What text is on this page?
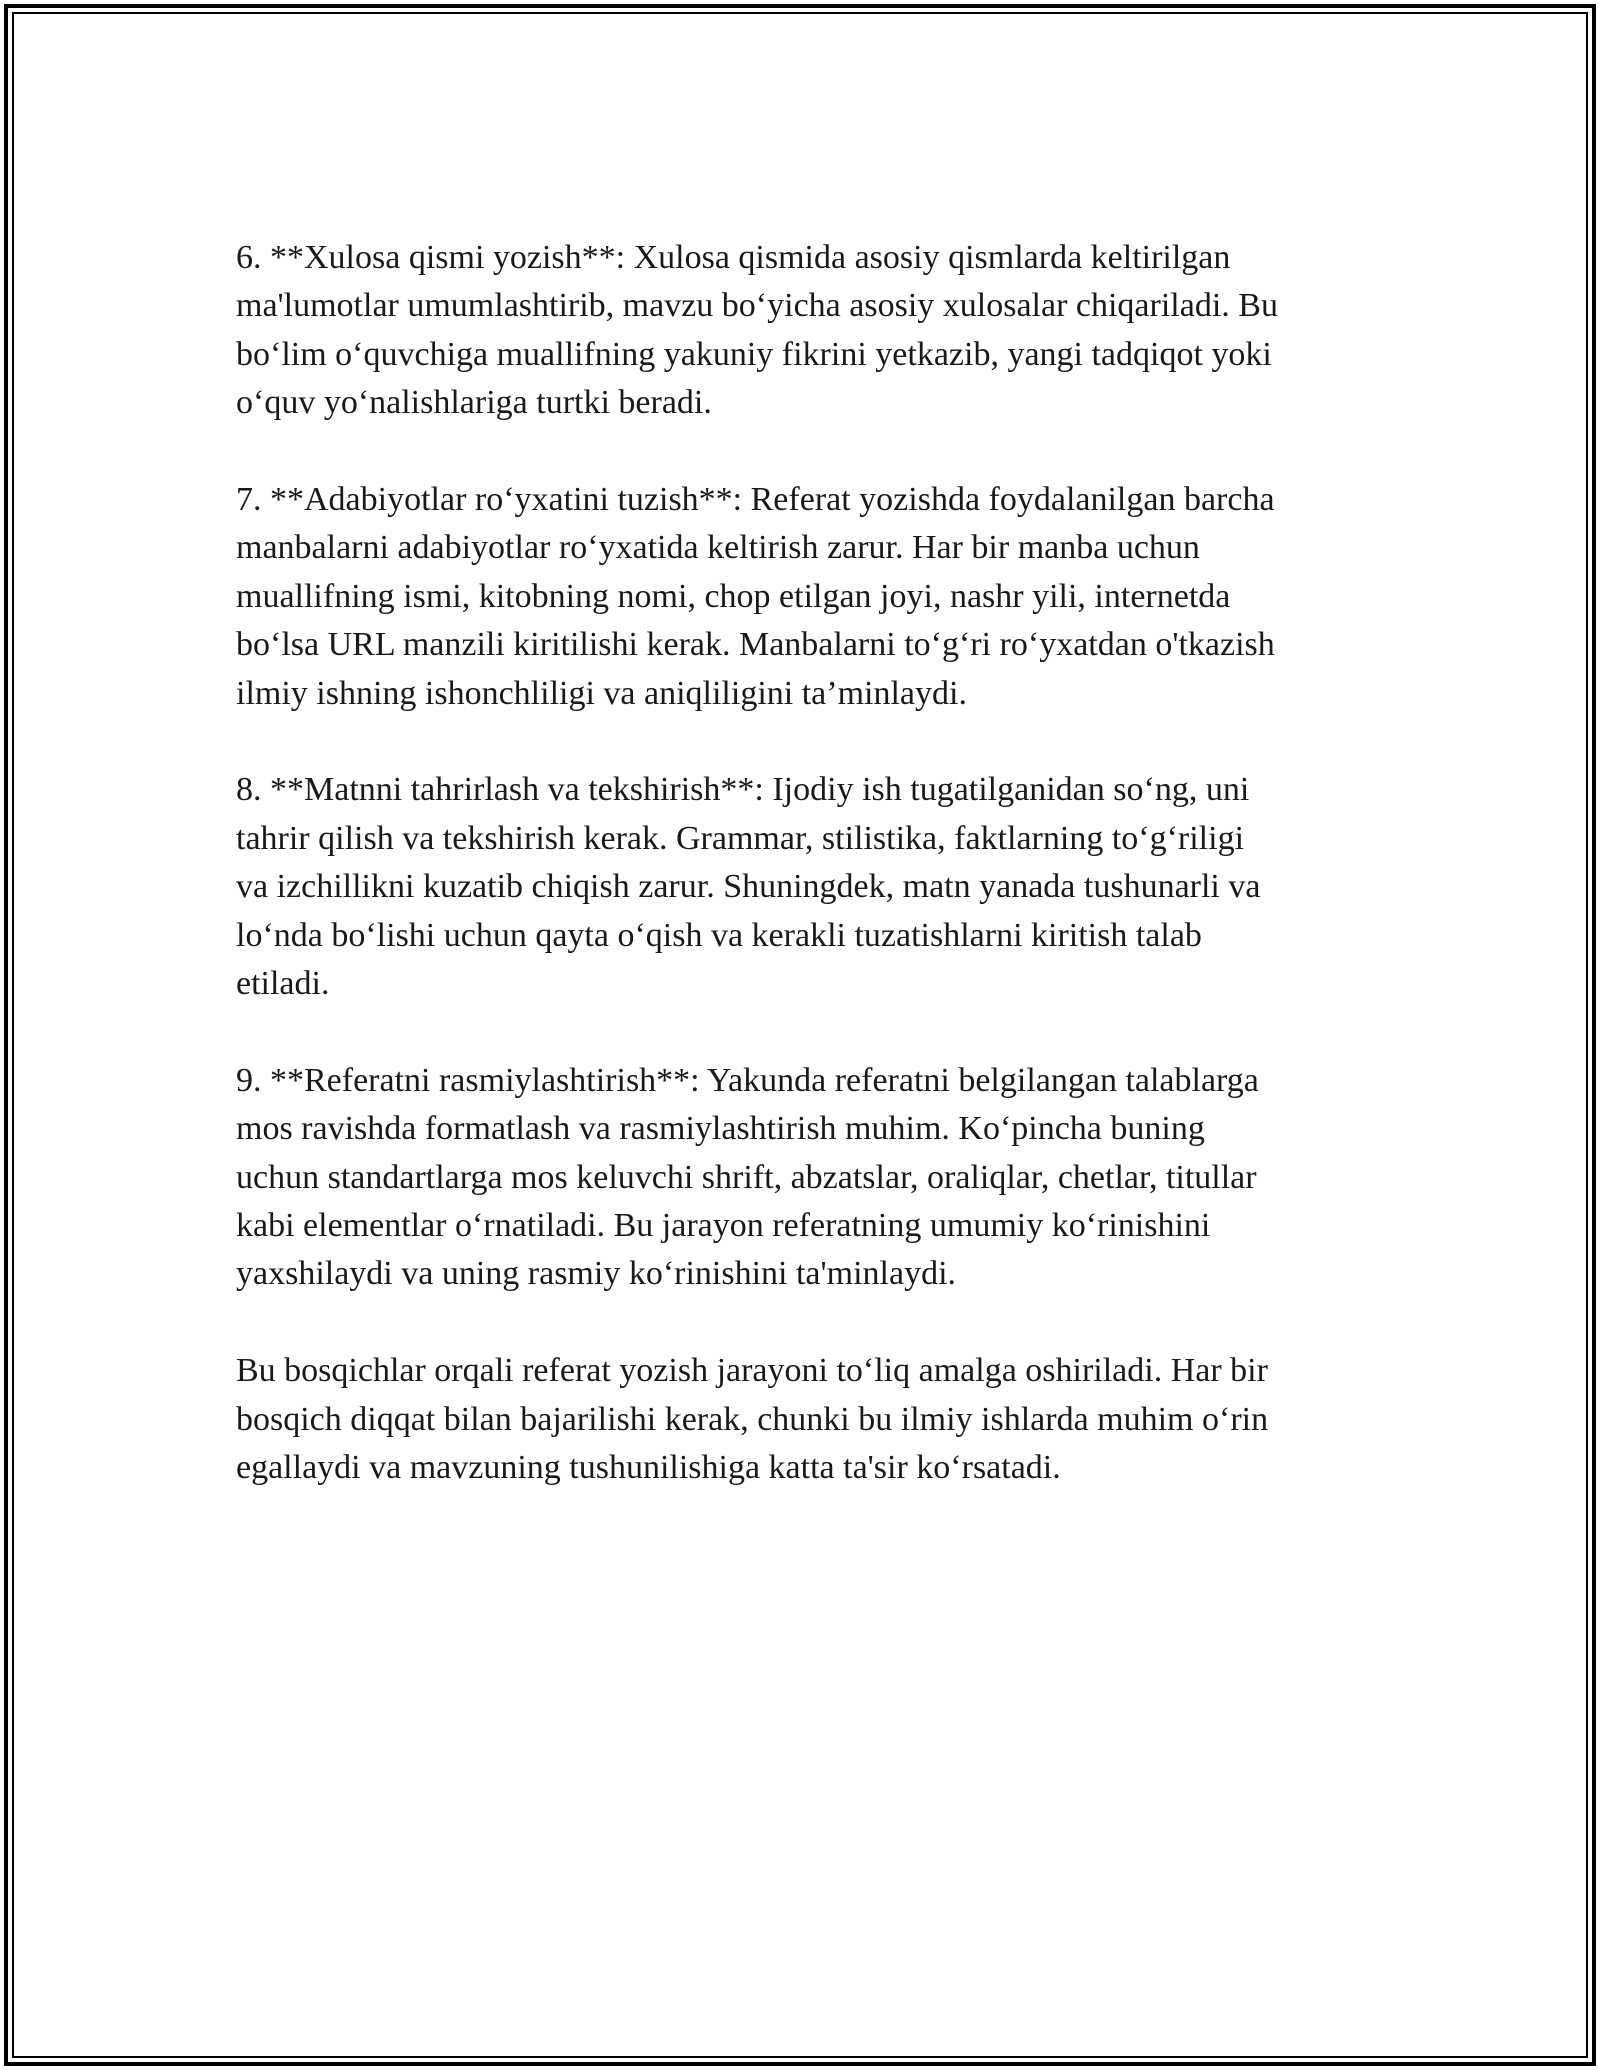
6. **Xulosa qismi yozish**: Xulosa qismida asosiy qismlarda keltirilgan
ma'lumotlar umumlashtirib, mavzu bo‘yicha asosiy xulosalar chiqariladi. Bu
bo‘lim o‘quvchiga muallifning yakuniy fikrini yetkazib, yangi tadqiqot yoki
o‘quv yo‘nalishlariga turtki beradi.

7. **Adabiyotlar ro‘yxatini tuzish**: Referat yozishda foydalanilgan barcha
manbalarni adabiyotlar ro‘yxatida keltirish zarur. Har bir manba uchun
muallifning ismi, kitobning nomi, chop etilgan joyi, nashr yili, internetda
bo‘lsa URL manzili kiritilishi kerak. Manbalarni to‘g‘ri ro‘yxatdan o'tkazish
ilmiy ishning ishonchliligi va aniqliligini ta’minlaydi.

8. **Matnni tahrirlash va tekshirish**: Ijodiy ish tugatilganidan so‘ng, uni
tahrir qilish va tekshirish kerak. Grammar, stilistika, faktlarning to‘g‘riligi
va izchillikni kuzatib chiqish zarur. Shuningdek, matn yanada tushunarli va
lo‘nda bo‘lishi uchun qayta o‘qish va kerakli tuzatishlarni kiritish talab
etiladi.

9. **Referatni rasmiylashtirish**: Yakunda referatni belgilangan talablarga
mos ravishda formatlash va rasmiylashtirish muhim. Ko‘pincha buning
uchun standartlarga mos keluvchi shrift, abzatslar, oraliqlar, chetlar, titullar
kabi elementlar o‘rnatiladi. Bu jarayon referatning umumiy ko‘rinishini
yaxshilaydi va uning rasmiy ko‘rinishini ta'minlaydi.

Bu bosqichlar orqali referat yozish jarayoni to‘liq amalga oshiriladi. Har bir
bosqich diqqat bilan bajarilishi kerak, chunki bu ilmiy ishlarda muhim o‘rin
egallaydi va mavzuning tushunilishiga katta ta'sir ko‘rsatadi.
